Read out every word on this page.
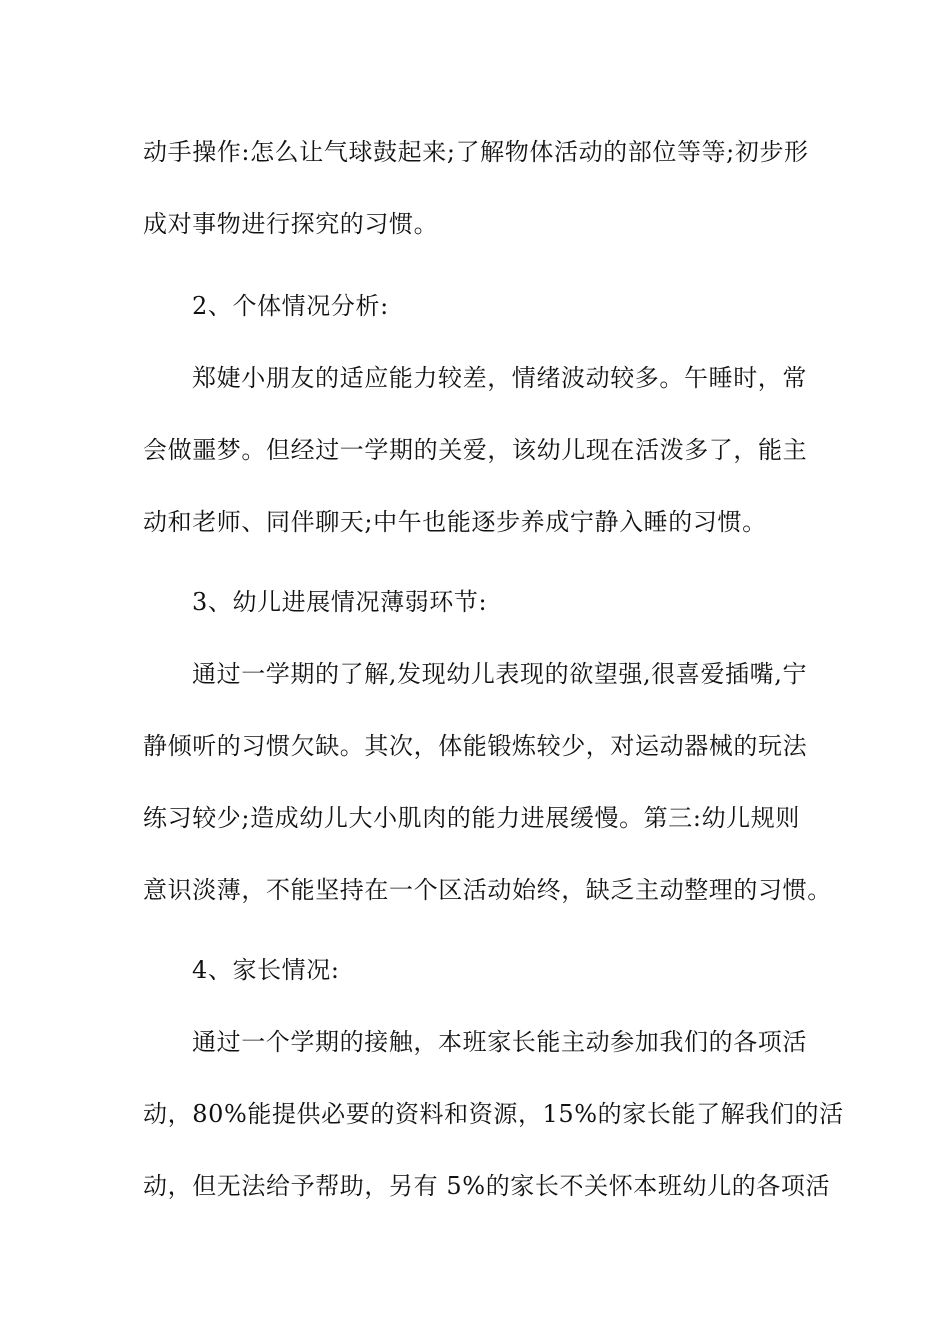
动手操作:怎么让气球鼓起来;了解物体活动的部位等等;初步形
成对事物进行探究的习惯。
2、个体情况分析:
郑婕小朋友的适应能力较差，情绪波动较多。午睡时，常
会做噩梦。但经过一学期的关爱，该幼儿现在活泼多了，能主
动和老师、同伴聊天;中午也能逐步养成宁静入睡的习惯。
3、幼儿进展情况薄弱环节:
通过一学期的了解,发现幼儿表现的欲望强,很喜爱插嘴,宁
静倾听的习惯欠缺。其次，体能锻炼较少，对运动器械的玩法
练习较少;造成幼儿大小肌肉的能力进展缓慢。第三:幼儿规则
意识淡薄，不能坚持在一个区活动始终，缺乏主动整理的习惯。
4、家长情况:
通过一个学期的接触，本班家长能主动参加我们的各项活
动，80%能提供必要的资料和资源，15%的家长能了解我们的活
动，但无法给予帮助，另有 5%的家长不关怀本班幼儿的各项活
